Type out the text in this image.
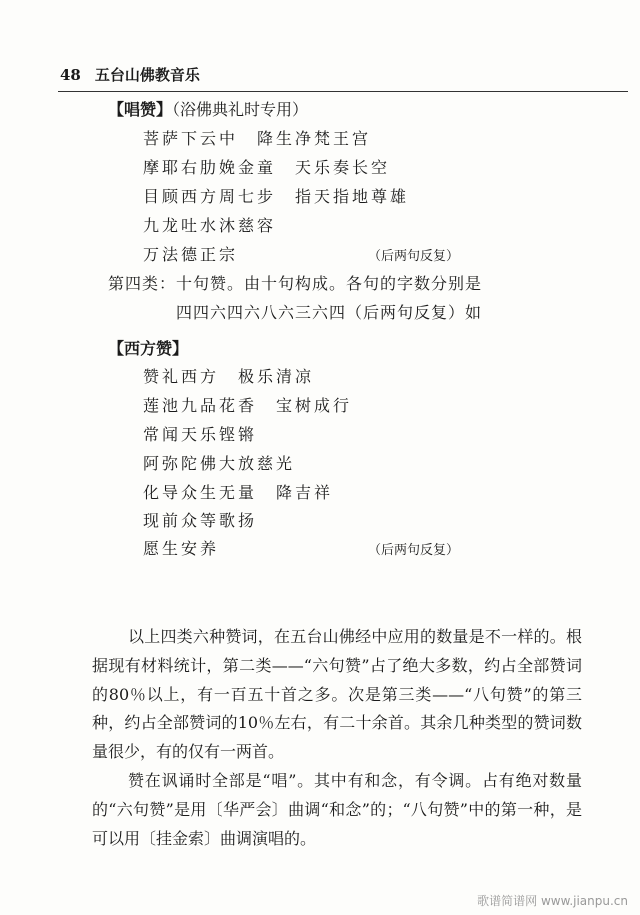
48 五台山佛教音乐
【唱赞】（浴佛典礼时专用）
菩萨下云中　降生净梵王宫
摩耶右肋娩金童　天乐奏长空
目顾西方周七步　指天指地尊雄
九龙吐水沐慈容
万法德正宗	（后两句反复）
第四类：十句赞。由十句构成。各句的字数分别是
四四六四六八六三六四（后两句反复）如
【西方赞】
赞礼西方　极乐清凉
莲池九品花香　宝树成行
常闻天乐铿锵
阿弥陀佛大放慈光
化导众生无量　降吉祥
现前众等歌扬
愿生安养	（后两句反复）

以上四类六种赞词，在五台山佛经中应用的数量是不一样的。根据现有材料统计，第二类——“六句赞”占了绝大多数，约占全部赞词的80％以上，有一百五十首之多。次是第三类——“八句赞”的第三种，约占全部赞词的10％左右，有二十余首。其余几种类型的赞词数量很少，有的仅有一两首。

赞在讽诵时全部是“唱”。其中有和念，有令调。占有绝对数量的“六句赞”是用〔华严会〕曲调“和念”的；“八句赞”中的第一种，是可以用〔挂金索〕曲调演唱的。

歌谱简谱网 www.jianpu.cn
